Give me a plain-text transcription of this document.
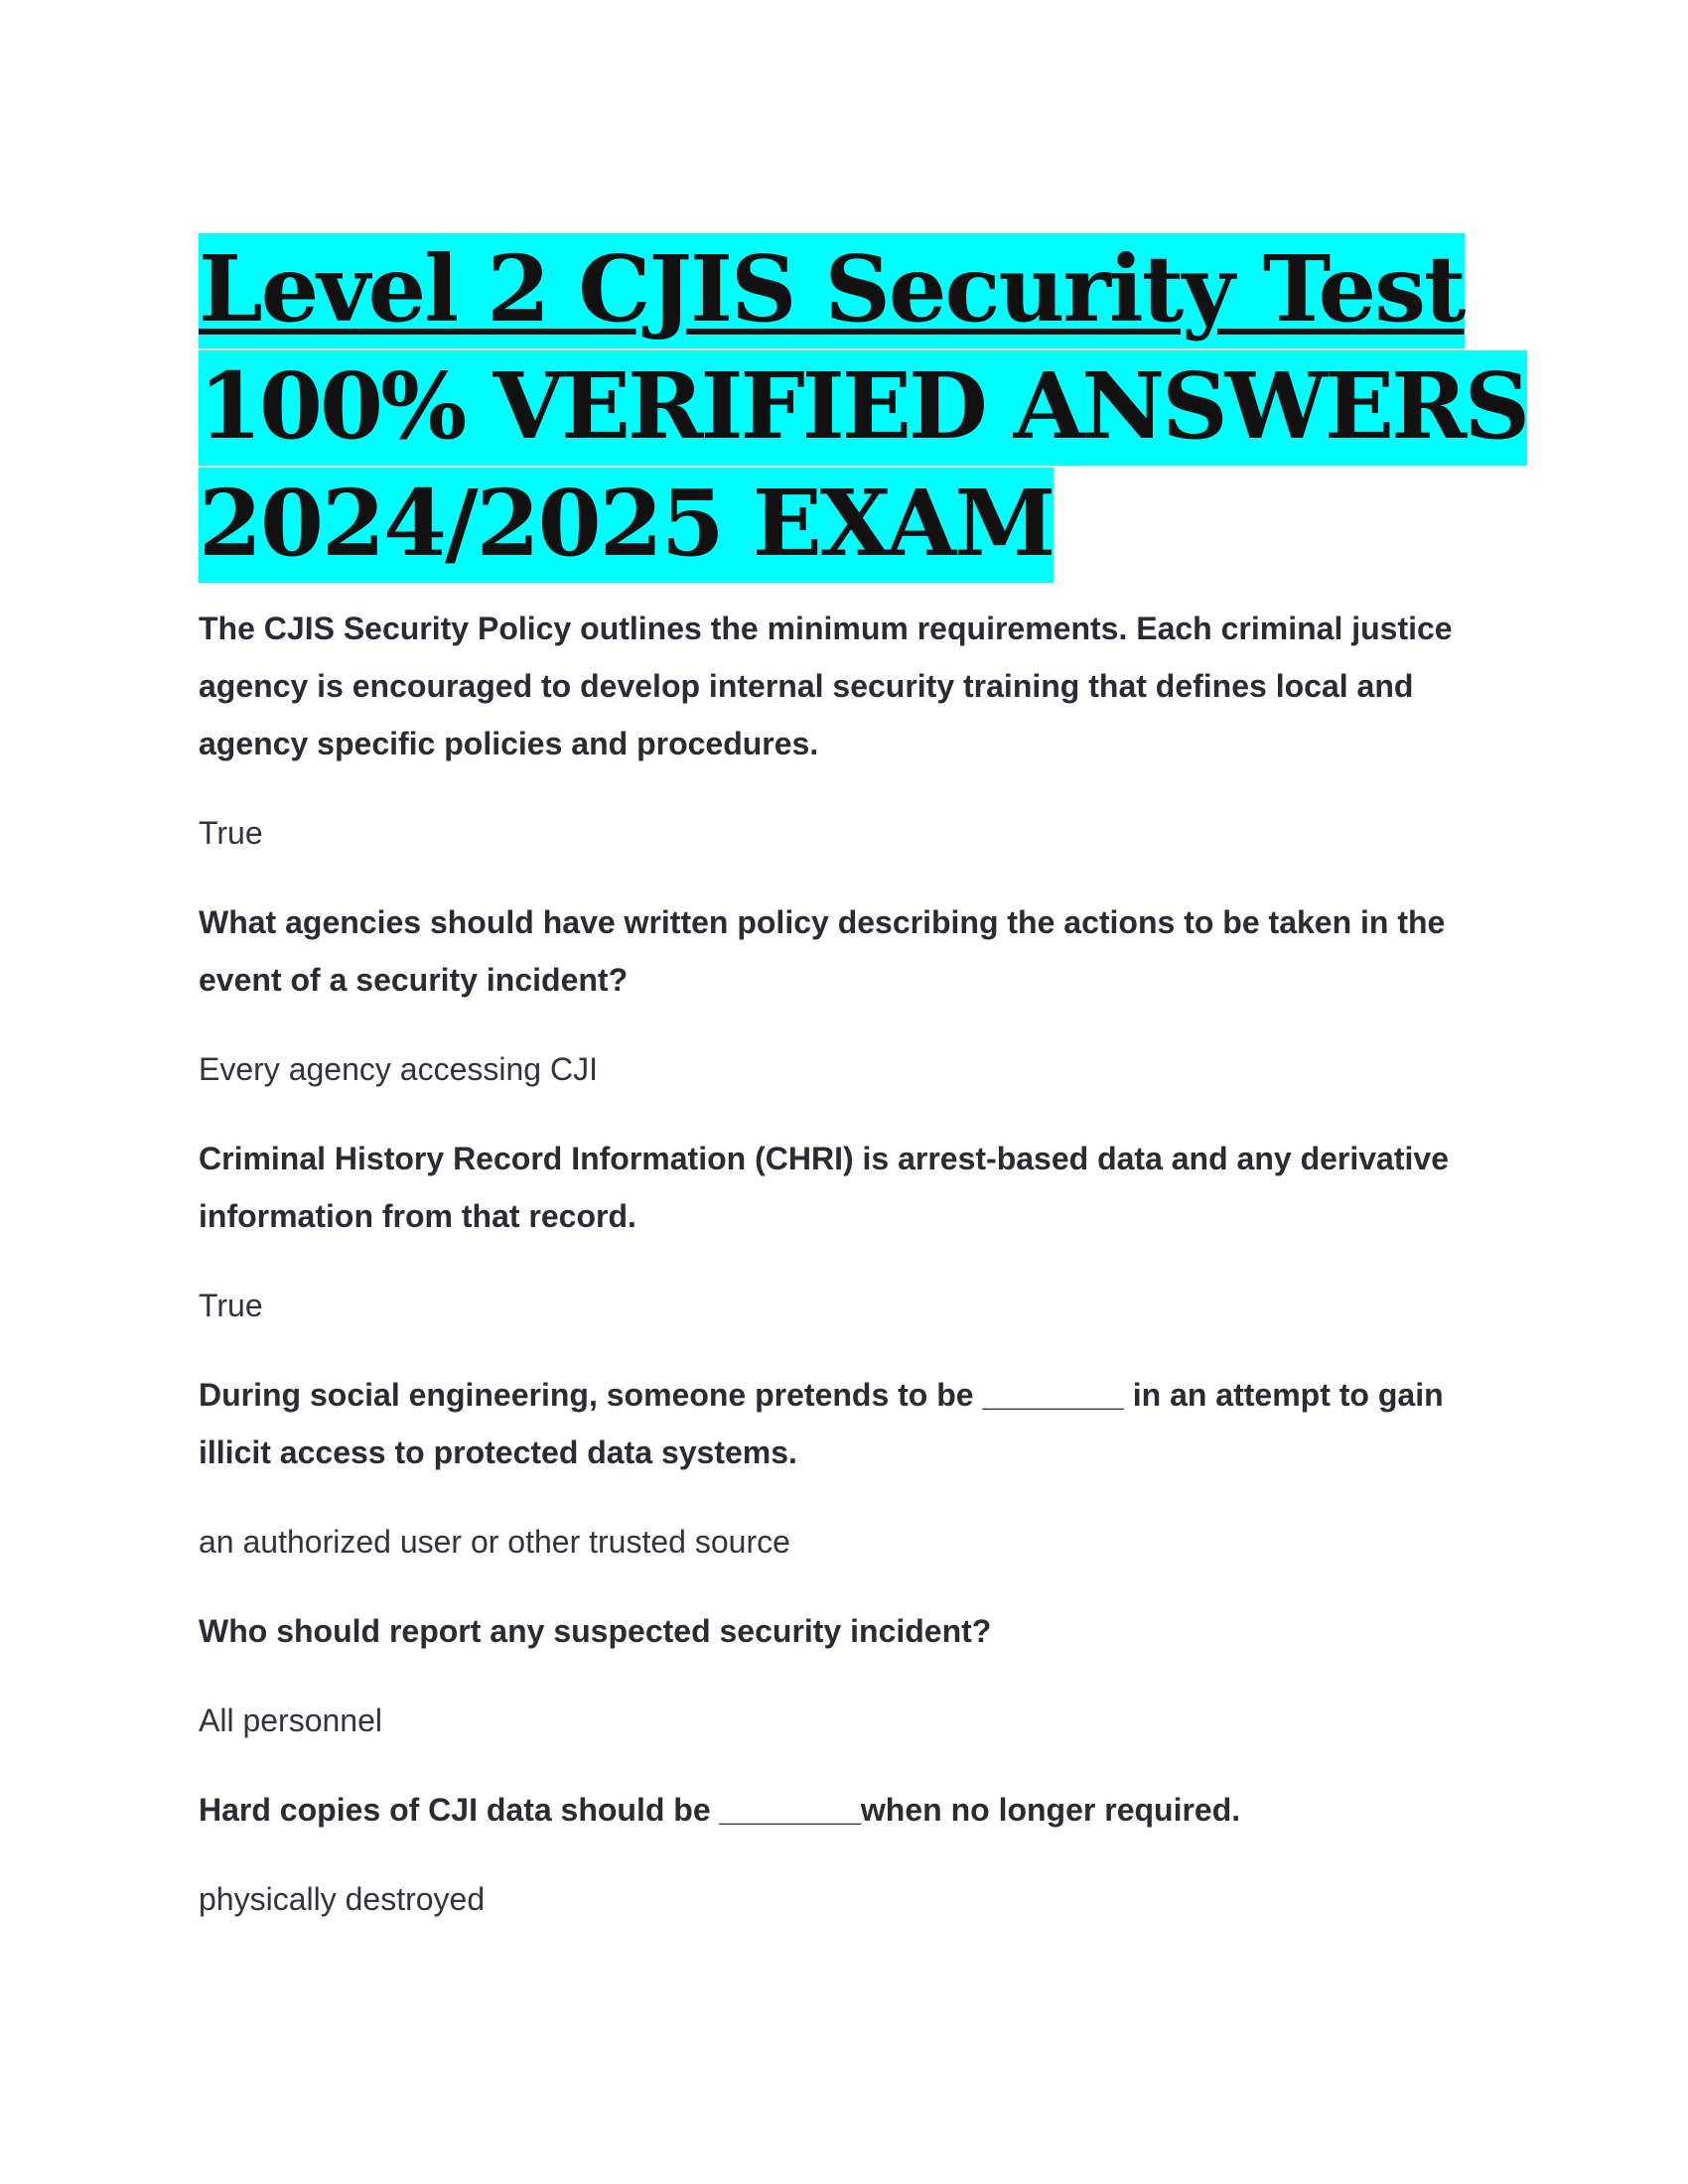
Level 2 CJIS Security Test
100% VERIFIED ANSWERS
2024/2025 EXAM

The CJIS Security Policy outlines the minimum requirements. Each criminal justice agency is encouraged to develop internal security training that defines local and agency specific policies and procedures.

True

What agencies should have written policy describing the actions to be taken in the event of a security incident?

Every agency accessing CJI

Criminal History Record Information (CHRI) is arrest-based data and any derivative information from that record.

True

During social engineering, someone pretends to be ________ in an attempt to gain illicit access to protected data systems.

an authorized user or other trusted source

Who should report any suspected security incident?

All personnel

Hard copies of CJI data should be ________when no longer required.

physically destroyed
